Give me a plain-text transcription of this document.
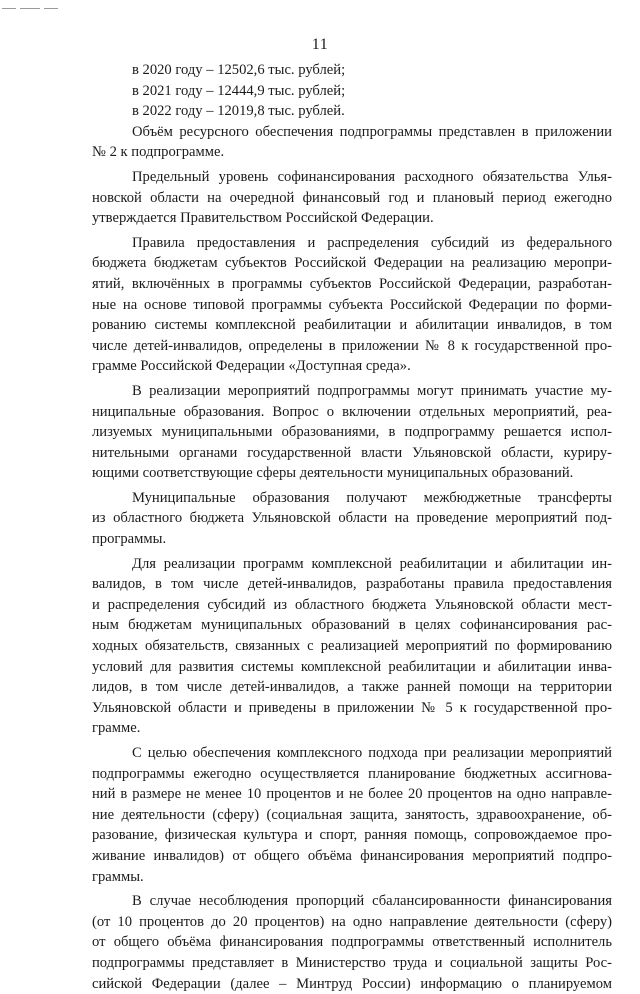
11
в 2020 году – 12502,6 тыс. рублей;
в 2021 году – 12444,9 тыс. рублей;
в 2022 году – 12019,8 тыс. рублей.
Объём ресурсного обеспечения подпрограммы представлен в приложении
№ 2 к подпрограмме.
Предельный уровень софинансирования расходного обязательства Улья-
новской области на очередной финансовый год и плановый период ежегодно
утверждается Правительством Российской Федерации.
Правила предоставления и распределения субсидий из федерального
бюджета бюджетам субъектов Российской Федерации на реализацию меропри-
ятий, включённых в программы субъектов Российской Федерации, разработан-
ные на основе типовой программы субъекта Российской Федерации по форми-
рованию системы комплексной реабилитации и абилитации инвалидов, в том
числе детей-инвалидов, определены в приложении № 8 к государственной про-
грамме Российской Федерации «Доступная среда».
В реализации мероприятий подпрограммы могут принимать участие му-
ниципальные образования. Вопрос о включении отдельных мероприятий, реа-
лизуемых муниципальными образованиями, в подпрограмму решается испол-
нительными органами государственной власти Ульяновской области, куриру-
ющими соответствующие сферы деятельности муниципальных образований.
Муниципальные образования получают межбюджетные трансферты
из областного бюджета Ульяновской области на проведение мероприятий под-
программы.
Для реализации программ комплексной реабилитации и абилитации ин-
валидов, в том числе детей-инвалидов, разработаны правила предоставления
и распределения субсидий из областного бюджета Ульяновской области мест-
ным бюджетам муниципальных образований в целях софинансирования рас-
ходных обязательств, связанных с реализацией мероприятий по формированию
условий для развития системы комплексной реабилитации и абилитации инва-
лидов, в том числе детей-инвалидов, а также ранней помощи на территории
Ульяновской области и приведены в приложении № 5 к государственной про-
грамме.
С целью обеспечения комплексного подхода при реализации мероприятий
подпрограммы ежегодно осуществляется планирование бюджетных ассигнова-
ний в размере не менее 10 процентов и не более 20 процентов на одно направле-
ние деятельности (сферу) (социальная защита, занятость, здравоохранение, об-
разование, физическая культура и спорт, ранняя помощь, сопровождаемое про-
живание инвалидов) от общего объёма финансирования мероприятий подпро-
граммы.
В случае несоблюдения пропорций сбалансированности финансирования
(от 10 процентов до 20 процентов) на одно направление деятельности (сферу)
от общего объёма финансирования подпрограммы ответственный исполнитель
подпрограммы представляет в Министерство труда и социальной защиты Рос-
сийской Федерации (далее – Минтруд России) информацию о планируемом
